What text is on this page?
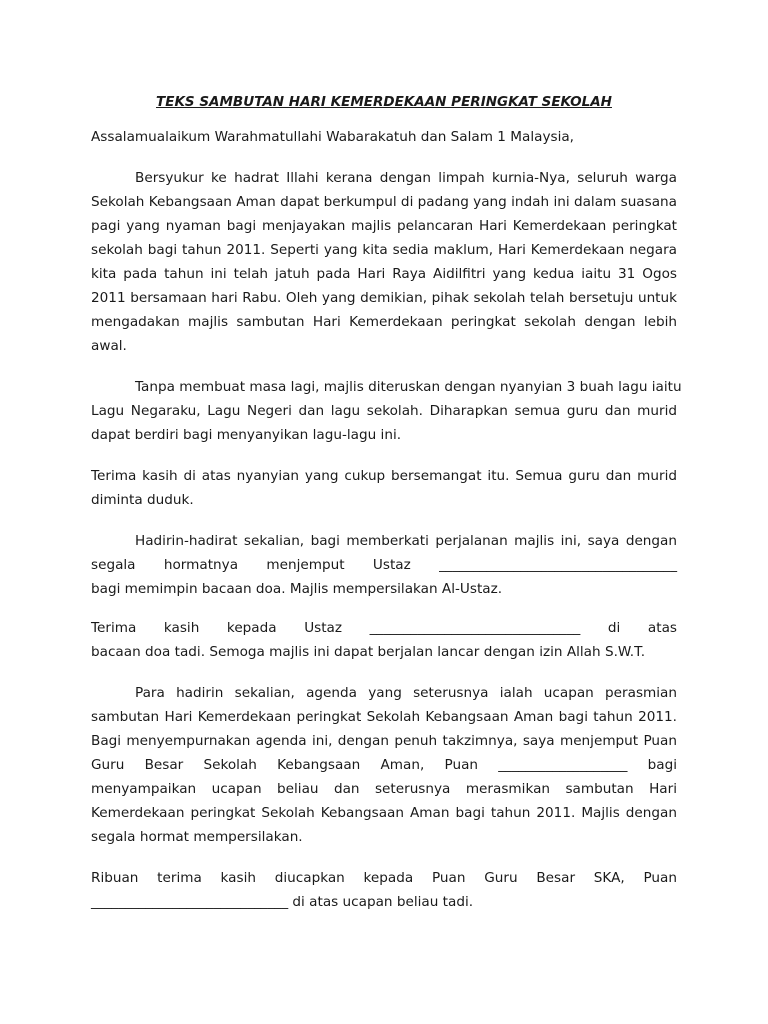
TEKS SAMBUTAN HARI KEMERDEKAAN PERINGKAT SEKOLAH
Assalamualaikum Warahmatullahi Wabarakatuh dan Salam 1 Malaysia,
Bersyukur ke hadrat Illahi kerana dengan limpah kurnia-Nya, seluruh warga
Sekolah Kebangsaan Aman dapat berkumpul di padang yang indah ini dalam suasana
pagi yang nyaman bagi menjayakan majlis pelancaran Hari Kemerdekaan peringkat
sekolah bagi tahun 2011. Seperti yang kita sedia maklum, Hari Kemerdekaan negara
kita pada tahun ini telah jatuh pada Hari Raya Aidilfitri yang kedua iaitu 31 Ogos
2011 bersamaan hari Rabu. Oleh yang demikian, pihak sekolah telah bersetuju untuk
mengadakan majlis sambutan Hari Kemerdekaan peringkat sekolah dengan lebih
awal.
Tanpa membuat masa lagi, majlis diteruskan dengan nyanyian 3 buah lagu iaitu
Lagu Negaraku, Lagu Negeri dan lagu sekolah. Diharapkan semua guru dan murid
dapat berdiri bagi menyanyikan lagu-lagu ini.
Terima kasih di atas nyanyian yang cukup bersemangat itu. Semua guru dan murid
diminta duduk.
Hadirin-hadirat sekalian, bagi memberkati perjalanan majlis ini, saya dengan
segala hormatnya menjemput Ustaz ___________________________________
bagi memimpin bacaan doa. Majlis mempersilakan Al-Ustaz.
Terima kasih kepada Ustaz _______________________________ di atas
bacaan doa tadi. Semoga majlis ini dapat berjalan lancar dengan izin Allah S.W.T.
Para hadirin sekalian, agenda yang seterusnya ialah ucapan perasmian
sambutan Hari Kemerdekaan peringkat Sekolah Kebangsaan Aman bagi tahun 2011.
Bagi menyempurnakan agenda ini, dengan penuh takzimnya, saya menjemput Puan
Guru Besar Sekolah Kebangsaan Aman, Puan ___________________ bagi
menyampaikan ucapan beliau dan seterusnya merasmikan sambutan Hari
Kemerdekaan peringkat Sekolah Kebangsaan Aman bagi tahun 2011. Majlis dengan
segala hormat mempersilakan.
Ribuan terima kasih diucapkan kepada Puan Guru Besar SKA, Puan
_____________________________ di atas ucapan beliau tadi.
